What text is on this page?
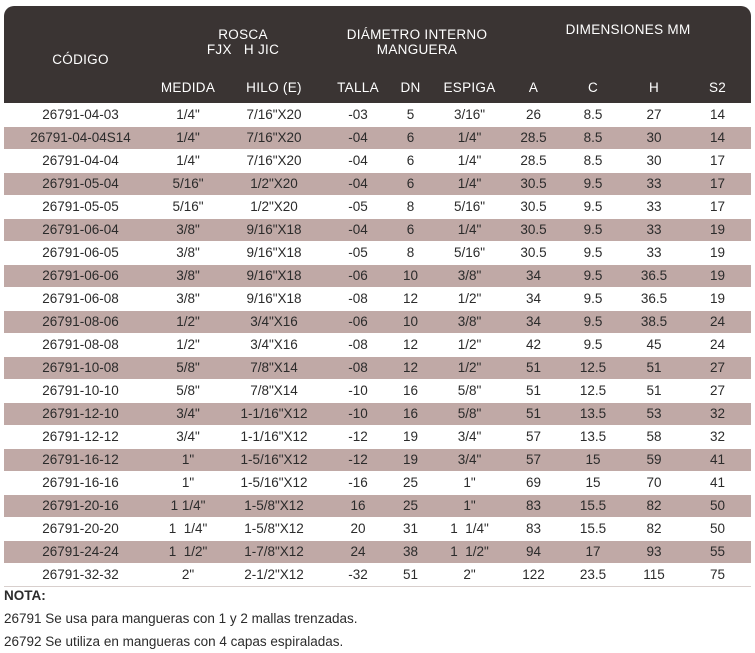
CÓDIGO	ROSCA
FJX   H JIC		DIÁMETRO INTERNO
MANGUERA			DIMENSIONES MM			
	MEDIDA	HILO (E)	TALLA	DN	ESPIGA	A	C	H	S2
26791-04-03	1/4"	7/16"X20	-03	5	3/16"	26	8.5	27	14
26791-04-04S14	1/4"	7/16"X20	-04	6	1/4"	28.5	8.5	30	14
26791-04-04	1/4"	7/16"X20	-04	6	1/4"	28.5	8.5	30	17
26791-05-04	5/16"	1/2"X20	-04	6	1/4"	30.5	9.5	33	17
26791-05-05	5/16"	1/2"X20	-05	8	5/16"	30.5	9.5	33	17
26791-06-04	3/8"	9/16"X18	-04	6	1/4"	30.5	9.5	33	19
26791-06-05	3/8"	9/16"X18	-05	8	5/16"	30.5	9.5	33	19
26791-06-06	3/8"	9/16"X18	-06	10	3/8"	34	9.5	36.5	19
26791-06-08	3/8"	9/16"X18	-08	12	1/2"	34	9.5	36.5	19
26791-08-06	1/2"	3/4"X16	-06	10	3/8"	34	9.5	38.5	24
26791-08-08	1/2"	3/4"X16	-08	12	1/2"	42	9.5	45	24
26791-10-08	5/8"	7/8"X14	-08	12	1/2"	51	12.5	51	27
26791-10-10	5/8"	7/8"X14	-10	16	5/8"	51	12.5	51	27
26791-12-10	3/4"	1-1/16"X12	-10	16	5/8"	51	13.5	53	32
26791-12-12	3/4"	1-1/16"X12	-12	19	3/4"	57	13.5	58	32
26791-16-12	1"	1-5/16"X12	-12	19	3/4"	57	15	59	41
26791-16-16	1"	1-5/16"X12	-16	25	1"	69	15	70	41
26791-20-16	1 1/4"	1-5/8"X12	16	25	1"	83	15.5	82	50
26791-20-20	1  1/4"	1-5/8"X12	20	31	1  1/4"	83	15.5	82	50
26791-24-24	1  1/2"	1-7/8"X12	24	38	1  1/2"	94	17	93	55
26791-32-32	2"	2-1/2"X12	-32	51	2"	122	23.5	115	75
NOTA:
26791 Se usa para mangueras con 1 y 2 mallas trenzadas.
26792 Se utiliza en mangueras con 4 capas espiraladas.
